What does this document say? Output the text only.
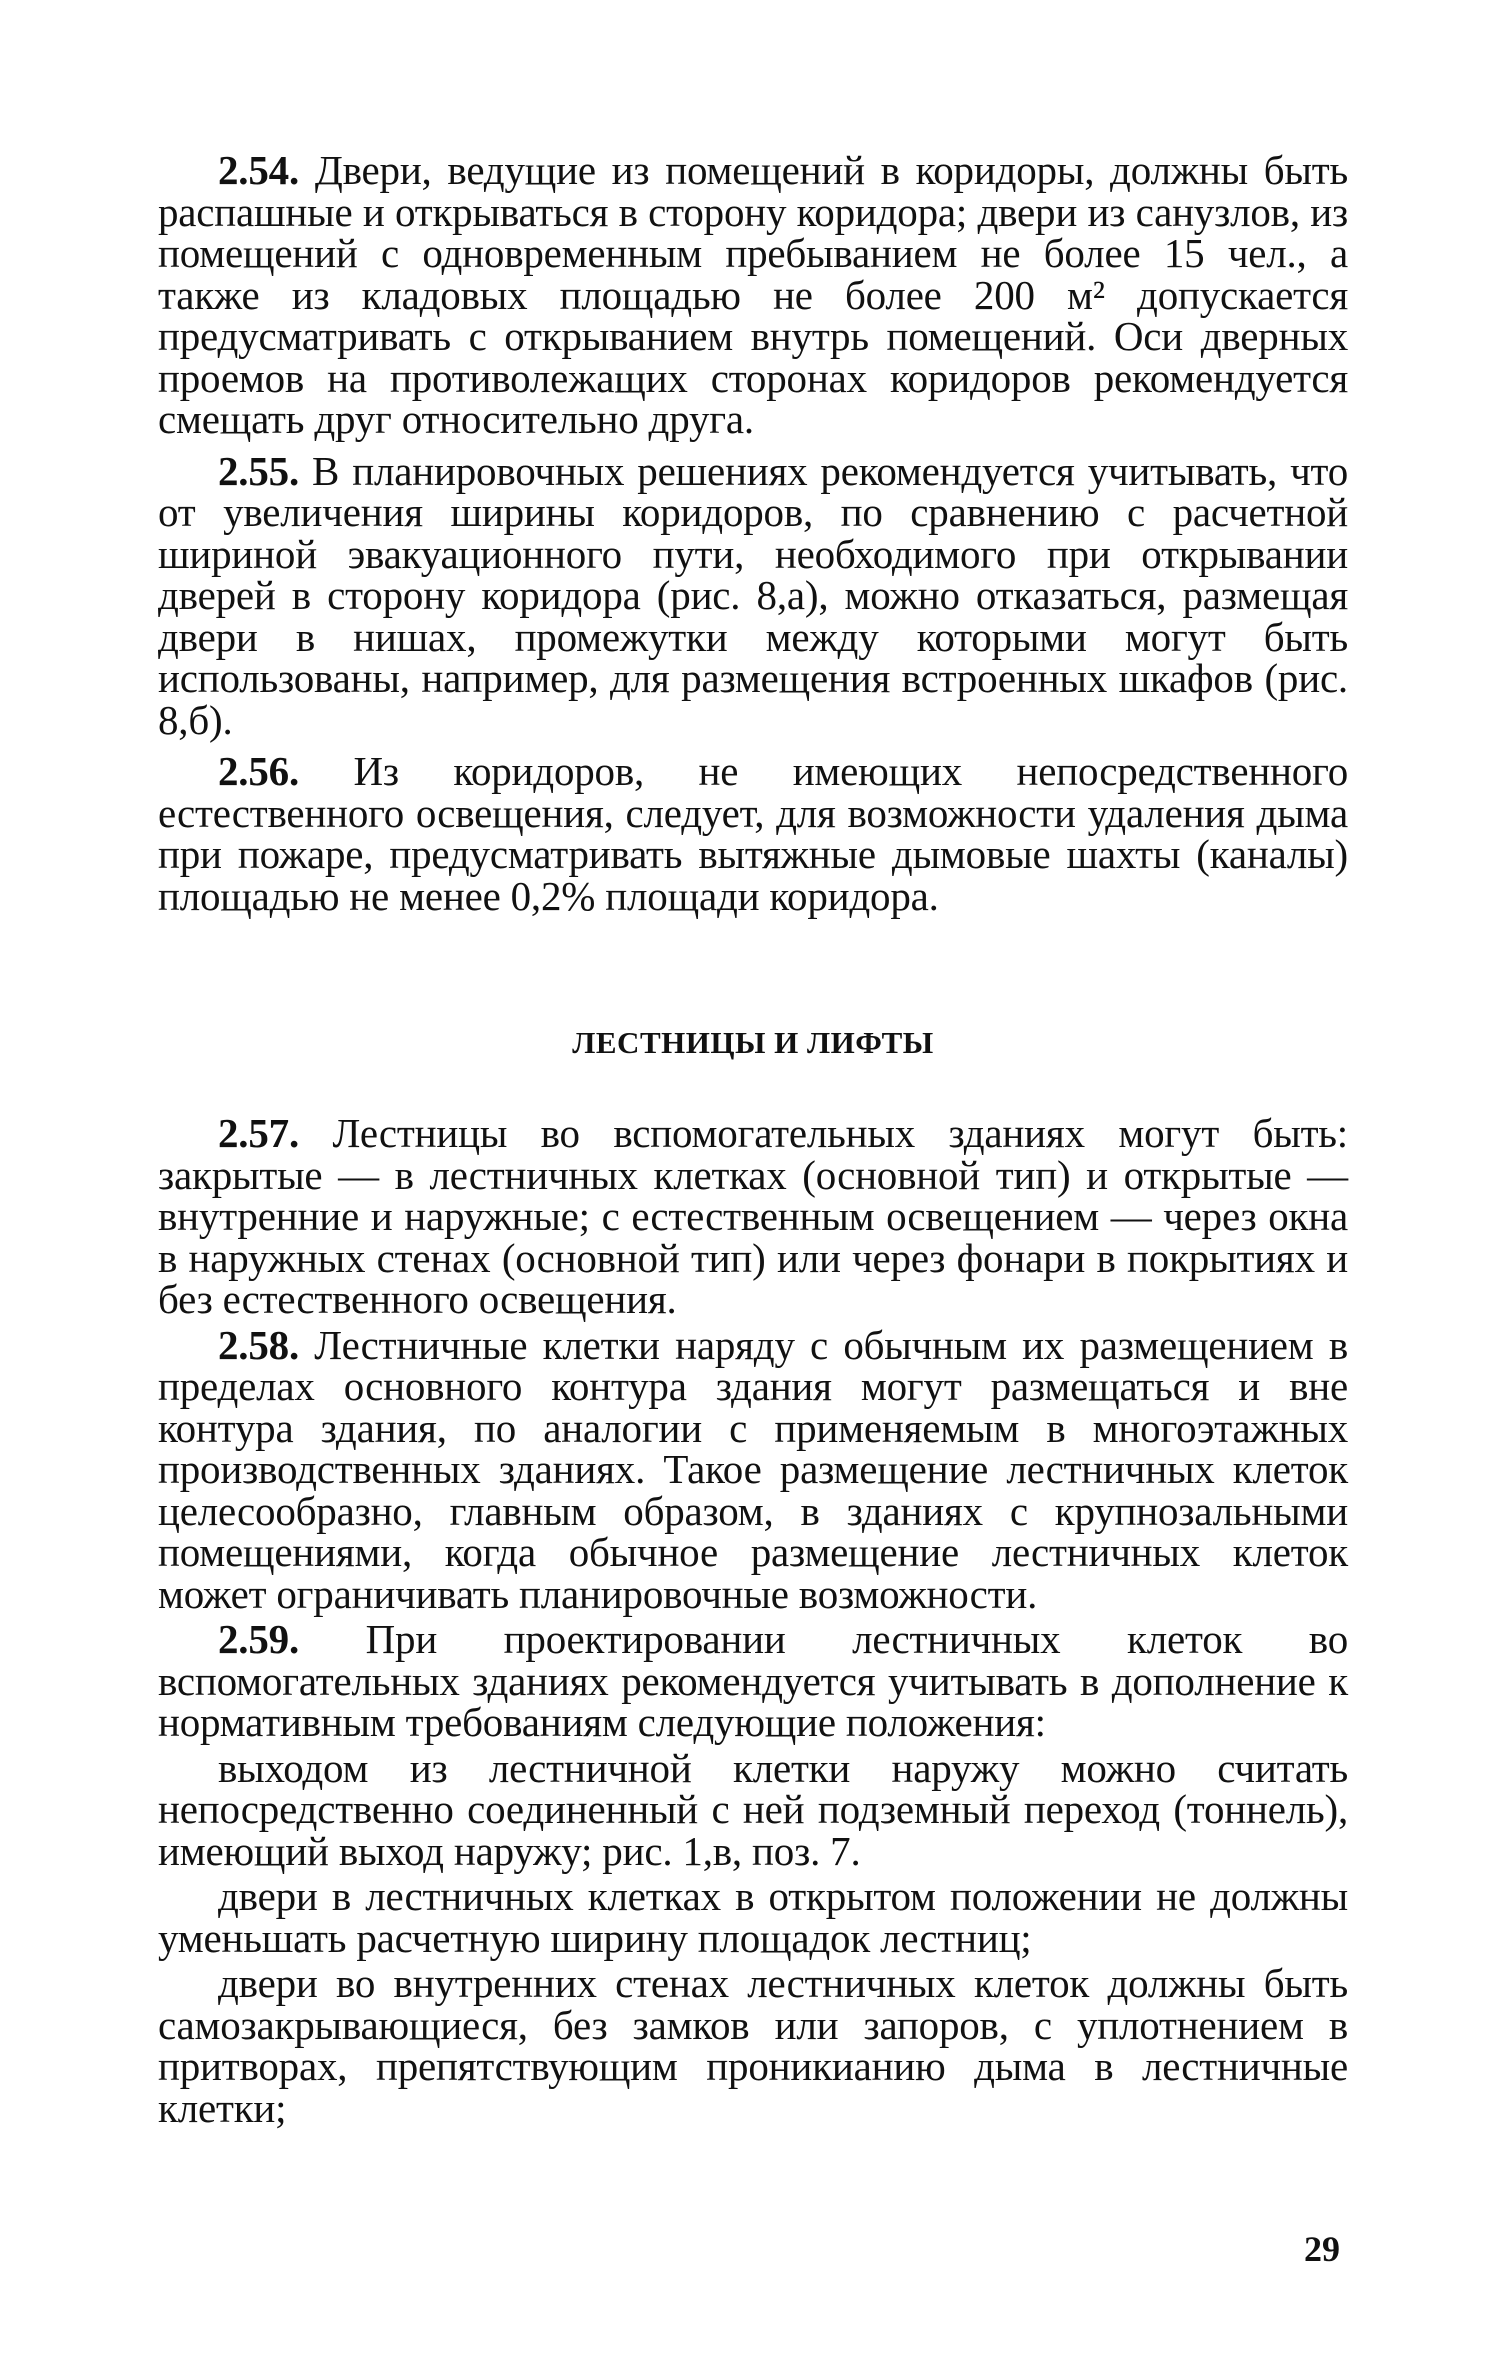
2.54. Двери, ведущие из помещений в коридоры, должны быть распашные и открываться в сторону коридора; двери из санузлов, из помещений с одновременным пребыванием не более 15 чел., а также из кладовых площадью не более 200 м² допускается предусматривать с открыванием внутрь помещений. Оси дверных проемов на противолежащих сторонах коридоров рекомендуется смещать друг относительно друга.

2.55. В планировочных решениях рекомендуется учитывать, что от увеличения ширины коридоров, по сравнению с расчетной шириной эвакуационного пути, необходимого при открывании дверей в сторону коридора (рис. 8,а), можно отказаться, размещая двери в нишах, промежутки между которыми могут быть использованы, например, для размещения встроенных шкафов (рис. 8,б).

2.56. Из коридоров, не имеющих непосредственного естественного освещения, следует, для возможности удаления дыма при пожаре, предусматривать вытяжные дымовые шахты (каналы) площадью не менее 0,2% площади коридора.

ЛЕСТНИЦЫ И ЛИФТЫ

2.57. Лестницы во вспомогательных зданиях могут быть: закрытые — в лестничных клетках (основной тип) и открытые — внутренние и наружные; с естественным освещением — через окна в наружных стенах (основной тип) или через фонари в покрытиях и без естественного освещения.

2.58. Лестничные клетки наряду с обычным их размещением в пределах основного контура здания могут размещаться и вне контура здания, по аналогии с применяемым в многоэтажных производственных зданиях. Такое размещение лестничных клеток целесообразно, главным образом, в зданиях с крупнозальными помещениями, когда обычное размещение лестничных клеток может ограничивать планировочные возможности.

2.59. При проектировании лестничных клеток во вспомогательных зданиях рекомендуется учитывать в дополнение к нормативным требованиям следующие положения:

выходом из лестничной клетки наружу можно считать непосредственно соединенный с ней подземный переход (тоннель), имеющий выход наружу; рис. 1,в, поз. 7.

двери в лестничных клетках в открытом положении не должны уменьшать расчетную ширину площадок лестниц;

двери во внутренних стенах лестничных клеток должны быть самозакрывающиеся, без замков или запоров, с уплотнением в притворах, препятствующим проникианию дыма в лестничные клетки;

29
